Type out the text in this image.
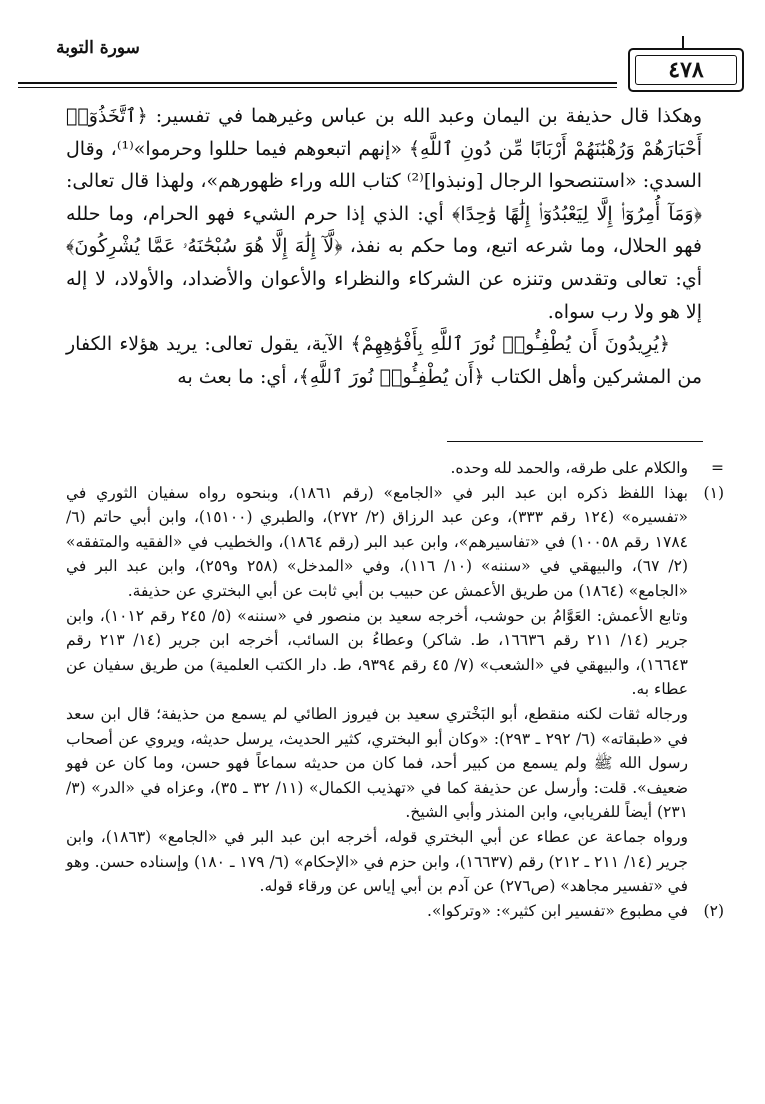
سورة التوبة
٤٧٨

وهكذا قال حذيفة بن اليمان وعبد الله بن عباس وغيرهما في تفسير: ﴿ٱتَّخَذُوٓا۟ أَحْبَارَهُمْ وَرُهْبَٰنَهُمْ أَرْبَابًا مِّن دُونِ ٱللَّهِ﴾ «إنهم اتبعوهم فيما حللوا وحرموا»⁽¹⁾، وقال السدي: «استنصحوا الرجال [ونبذوا]⁽²⁾ كتاب الله وراء ظهورهم»، ولهذا قال تعالى: ﴿وَمَآ أُمِرُوٓا۟ إِلَّا لِيَعْبُدُوٓا۟ إِلَٰهًا وَٰحِدًا﴾ أي: الذي إذا حرم الشيء فهو الحرام، وما حلله فهو الحلال، وما شرعه اتبع، وما حكم به نفذ، ﴿لَّآ إِلَٰهَ إِلَّا هُوَ سُبْحَٰنَهُۥ عَمَّا يُشْرِكُونَ﴾ أي: تعالى وتقدس وتنزه عن الشركاء والنظراء والأعوان والأضداد، والأولاد، لا إله إلا هو ولا رب سواه.

﴿يُرِيدُونَ أَن يُطْفِـُٔوا۟ نُورَ ٱللَّهِ بِأَفْوَٰهِهِمْ﴾ الآية، يقول تعالى: يريد هؤلاء الكفار من المشركين وأهل الكتاب ﴿أَن يُطْفِـُٔوا۟ نُورَ ٱللَّهِ﴾، أي: ما بعث به

=

والكلام على طرقه، والحمد لله وحده.

(١)

بهذا اللفظ ذكره ابن عبد البر في «الجامع» (رقم ١٨٦١)، وبنحوه رواه سفيان الثوري في «تفسيره» (١٢٤ رقم ٣٣٣)، وعن عبد الرزاق (٢/ ٢٧٢)، والطبري (١٥١٠٠)، وابن أبي حاتم (٦/ ١٧٨٤ رقم ١٠٠٥٨) في «تفاسيرهم»، وابن عبد البر (رقم ١٨٦٤)، والخطيب في «الفقيه والمتفقه» (٢/ ٦٧)، والبيهقي في «سننه» (١٠/ ١١٦)، وفي «المدخل» (٢٥٨ و٢٥٩)، وابن عبد البر في «الجامع» (١٨٦٤) من طريق الأعمش عن حبيب بن أبي ثابت عن أبي البختري عن حذيفة.

وتابع الأعمش: العَوَّامُ بن حوشب، أخرجه سعيد بن منصور في «سننه» (٥/ ٢٤٥ رقم ١٠١٢)، وابن جرير (١٤/ ٢١١ رقم ١٦٦٣٦، ط. شاكر) وعطاءُ بن السائب، أخرجه ابن جرير (١٤/ ٢١٣ رقم ١٦٦٤٣)، والبيهقي في «الشعب» (٧/ ٤٥ رقم ٩٣٩٤، ط. دار الكتب العلمية) من طريق سفيان عن عطاء به.

ورجاله ثقات لكنه منقطع، أبو البَخْتري سعيد بن فيروز الطائي لم يسمع من حذيفة؛ قال ابن سعد في «طبقاته» (٦/ ٢٩٢ ـ ٢٩٣): «وكان أبو البختري، كثير الحديث، يرسل حديثه، ويروي عن أصحاب رسول الله ﷺ ولم يسمع من كبير أحد، فما كان من حديثه سماعاً فهو حسن، وما كان عن فهو ضعيف». قلت: وأرسل عن حذيفة كما في «تهذيب الكمال» (١١/ ٣٢ ـ ٣٥)، وعزاه في «الدر» (٣/ ٢٣١) أيضاً للفريابي، وابن المنذر وأبي الشيخ.

ورواه جماعة عن عطاء عن أبي البختري قوله، أخرجه ابن عبد البر في «الجامع» (١٨٦٣)، وابن جرير (١٤/ ٢١١ ـ ٢١٢) رقم (١٦٦٣٧)، وابن حزم في «الإحكام» (٦/ ١٧٩ ـ ١٨٠) وإسناده حسن. وهو في «تفسير مجاهد» (ص٢٧٦) عن آدم بن أبي إياس عن ورقاء قوله.

(٢)

في مطبوع «تفسير ابن كثير»: «وتركوا».
